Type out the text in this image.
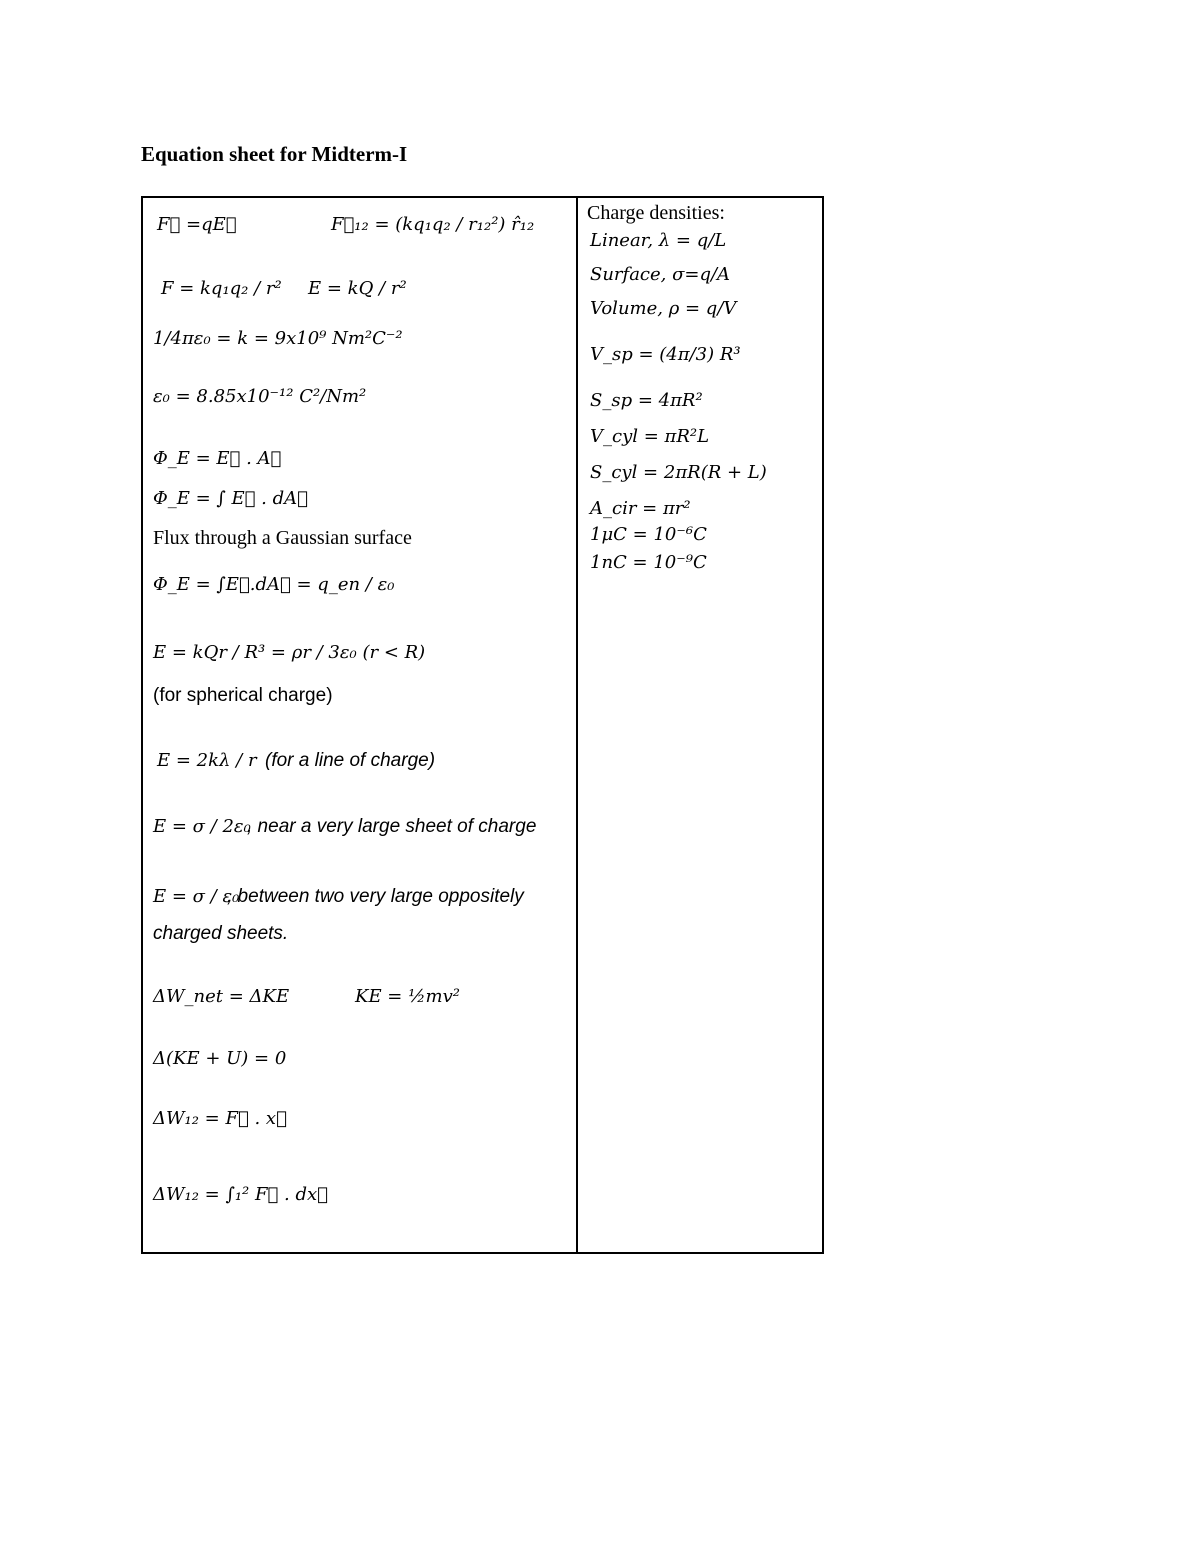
Equation sheet for Midterm-I
F⃗ =qE⃗	F⃗₁₂ = (kq₁q₂ / r₁₂²) r̂₁₂
F = kq₁q₂ / r² E = kQ / r²
1/4πε₀ = k = 9x10⁹ Nm²C⁻²
ε₀ = 8.85x10⁻¹² C²/Nm²
Φ_E = E⃗ . A⃗
Φ_E = ∫ E⃗ . dA⃗
Flux through a Gaussian surface
Φ_E = ∫E⃗.dA⃗ = q_en / ε₀
E = kQr / R³ = ρr / 3ε₀ (r < R)
(for spherical charge)
E = 2kλ / r (for a line of charge)
E = σ / 2ε₀
, near a very large sheet of charge
E = σ / ε₀
, between two very large oppositely
charged sheets.
ΔW_net = ΔKE	KE = ½mv²
Δ(KE + U) = 0
ΔW₁₂ = F⃗ . x⃗
ΔW₁₂ = ∫₁² F⃗ . dx⃗
Charge densities:
Linear, λ = q/L
Surface, σ=q/A
Volume, ρ = q/V
V_sp = (4π/3) R³
S_sp = 4πR²
V_cyl = πR²L
S_cyl = 2πR(R + L)
A_cir = πr²
1μC = 10⁻⁶C
1nC = 10⁻⁹C
